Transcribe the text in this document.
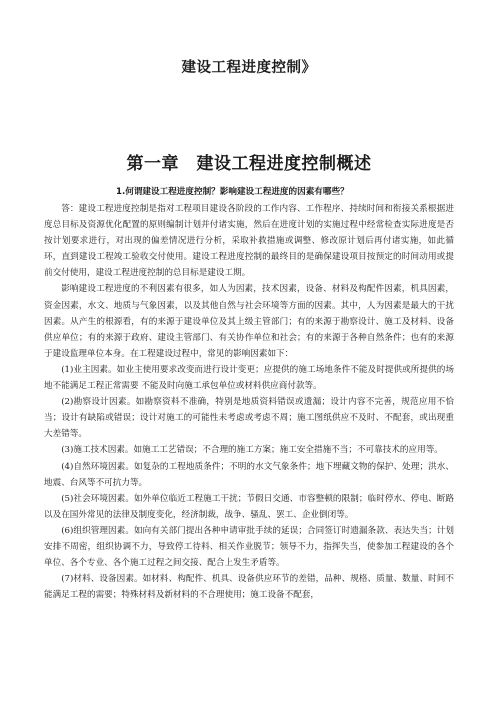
建设工程进度控制》
第一章　建设工程进度控制概述
1.何谓建设工程进度控制？影响建设工程进度的因素有哪些？

答：建设工程进度控制是指对工程项目建设各阶段的工作内容、工作程序、持续时间和衔接关系根据进度总目标及资源优化配置的原则编制计划并付诸实施，然后在进度计划的实施过程中经常检查实际进度是否按计划要求进行，对出现的偏差情况进行分析，采取补救措施或调整、修改原计划后再付诸实施，如此循环，直到建设工程竣工验收交付使用。建设工程进度控制的最终目的是确保建设项目按预定的时间动用或提前交付使用，建设工程进度控制的总目标是建设工期。

影响建设工程进度的不利因素有很多，如人为因素，技术因素，设备、材料及构配件因素，机具因素，资金因素，水文、地质与气象因素，以及其他自然与社会环境等方面的因素。其中，人为因素是最大的干扰因素。从产生的根源看，有的来源于建设单位及其上级主管部门；有的来源于勘察设计、施工及材料、设备供应单位；有的来源于政府、建设主管部门、有关协作单位和社会；有的来源于各种自然条件；也有的来源于建设监理单位本身。在工程建设过程中，常见的影响因素如下：

(1)业主因素。如业主使用要求改变而进行设计变更；应提供的施工场地条件不能及时提供或所提供的场地不能满足工程正常需要 不能及时向施工承包单位或材料供应商付款等。

(2)勘察设计因素。如勘察资料不准确，特别是地质资料错误或遗漏；设计内容不完善，规范应用不恰当；设计有缺陷或错误；设计对施工的可能性未考虑或考虑不周；施工图纸供应不及时、不配套，或出现重大差错等。

(3)施工技术因素。如施工工艺错误；不合理的施工方案；施工安全措施不当；不可靠技术的应用等。

(4)自然环境因素。如复杂的工程地质条件；不明的水文气象条件；地下埋藏文物的保护、处理；洪水、地震、台风等不可抗力等。

(5)社会环境因素。如外单位临近工程施工干扰；节假日交通、市容整顿的限制；临时停水、停电、断路 以及在国外常见的法律及制度变化，经济制裁，战争、骚乱、罢工、企业倒闭等。

(6)组织管理因素。如向有关部门提出各种申请审批手续的延误；合同签订时遗漏条款、表达失当；计划安排不周密，组织协调不力，导致停工待料、相关作业脱节；领导不力，指挥失当，使参加工程建设的各个单位、各个专业、各个施工过程之间交接、配合上发生矛盾等。

(7)材料、设备因素。如材料、构配件、机具、设备供应环节的差错，品种、规格、质量、数量、时间不能满足工程的需要；特殊材料及新材料的不合理使用；施工设备不配套，
